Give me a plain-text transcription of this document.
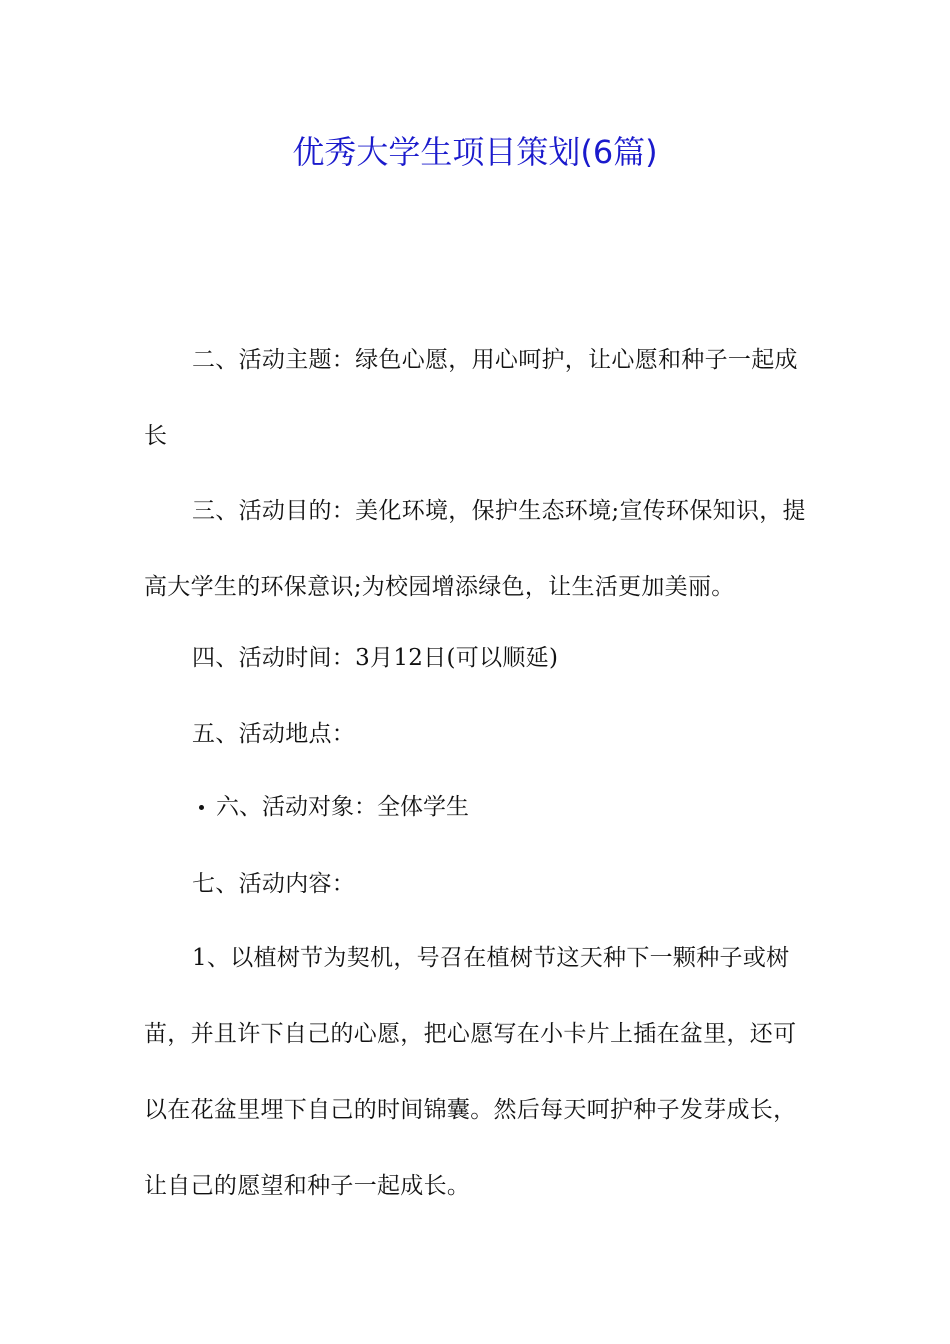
优秀大学生项目策划(6篇)

二、活动主题：绿色心愿，用心呵护，让心愿和种子一起成长

三、活动目的：美化环境，保护生态环境;宣传环保知识，提高大学生的环保意识;为校园增添绿色，让生活更加美丽。

四、活动时间：3月12日(可以顺延)

五、活动地点：

六、活动对象：全体学生

七、活动内容：

1、以植树节为契机，号召在植树节这天种下一颗种子或树苗，并且许下自己的心愿，把心愿写在小卡片上插在盆里，还可以在花盆里埋下自己的时间锦囊。然后每天呵护种子发芽成长，让自己的愿望和种子一起成长。
